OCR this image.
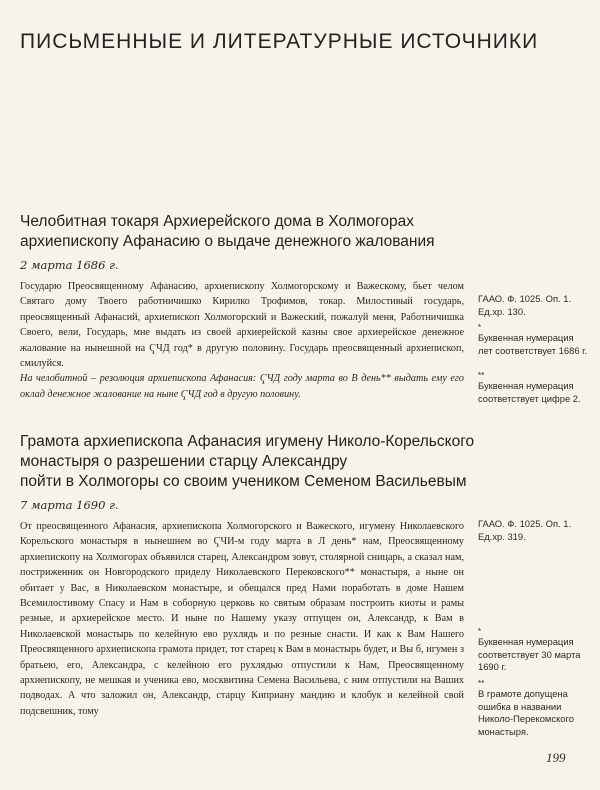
ПИСЬМЕННЫЕ И ЛИТЕРАТУРНЫЕ ИСТОЧНИКИ
Челобитная токаря Архиерейского дома в Холмогорах
архиепископу Афанасию о выдаче денежного жалования
2 марта 1686 г.

Государю Преосвященному Афанасию, архиепископу Холмогорскому и Важескому, бьет челом Святаго дому Твоего работничишко Кирилко Трофимов, токар. Милостивый государь, преосвященный Афанасий, архиепископ Холмогорский и Важеский, пожалуй меня, Работничишка Своего, вели, Государь, мне выдать из своей архиерейской казны свое архиерейское денежное жалование на нынешной на ҀЧД год* в другую половину. Государь преосвященный архиепископ, смилуйся.

На челобитной – резолюция архиепископа Афанасия: ҀЧД году марта во В день** выдать ему его оклад денежное жалование на ныне ҀЧД год в другую половину.

ГААО. Ф. 1025. Оп. 1. Ед.хр. 130.
*
Буквенная нумерация лет соответствует 1686 г.
**
Буквенная нумерация соответствует цифре 2.
Грамота архиепископа Афанасия игумену Николо-Корельского
монастыря о разрешении старцу Александру
пойти в Холмогоры со своим учеником Семеном Васильевым
7 марта 1690 г.

От преосвященного Афанасия, архиепископа Холмогорского и Важеского, игумену Николаевского Корельского монастыря в нынешнем во ҀЧИ-м году марта в Л день* нам, Преосвященному архиепископу на Холмогорах объявился старец, Александром зовут, столярной сницарь, а сказал нам, постриженник он Новгородского приделу Николаевского Перековского** монастыря, а ныне он обитает у Вас, в Николаевском монастыре, и обещался пред Нами поработать в доме Нашем Всемилостивому Спасу и Нам в соборную церковь ко святым образам построить киоты и рамы резные, и архиерейское место. И ныне по Нашему указу отпущен он, Александр, к Вам в Николаевской монастырь по келейную ево рухлядь и по резные снасти. И как к Вам Нашего Преосвященного архиепископа грамота придет, тот старец к Вам в монастырь будет, и Вы б, игумен з братьею, его, Александра, с келейною его рухлядью отпустили к Нам, Преосвященному архиепископу, не мешкая и ученика ево, москвитина Семена Васильева, с ним отпустили на Ваших подводах. А что заложил он, Александр, старцу Киприану мандию и клобук и келейной свой подсвешник, тому

ГААО. Ф. 1025. Оп. 1. Ед.хр. 319.
*
Буквенная нумерация соответствует 30 марта 1690 г.
**
В грамоте допущена ошибка в названии Николо-Перекомского монастыря.
199
